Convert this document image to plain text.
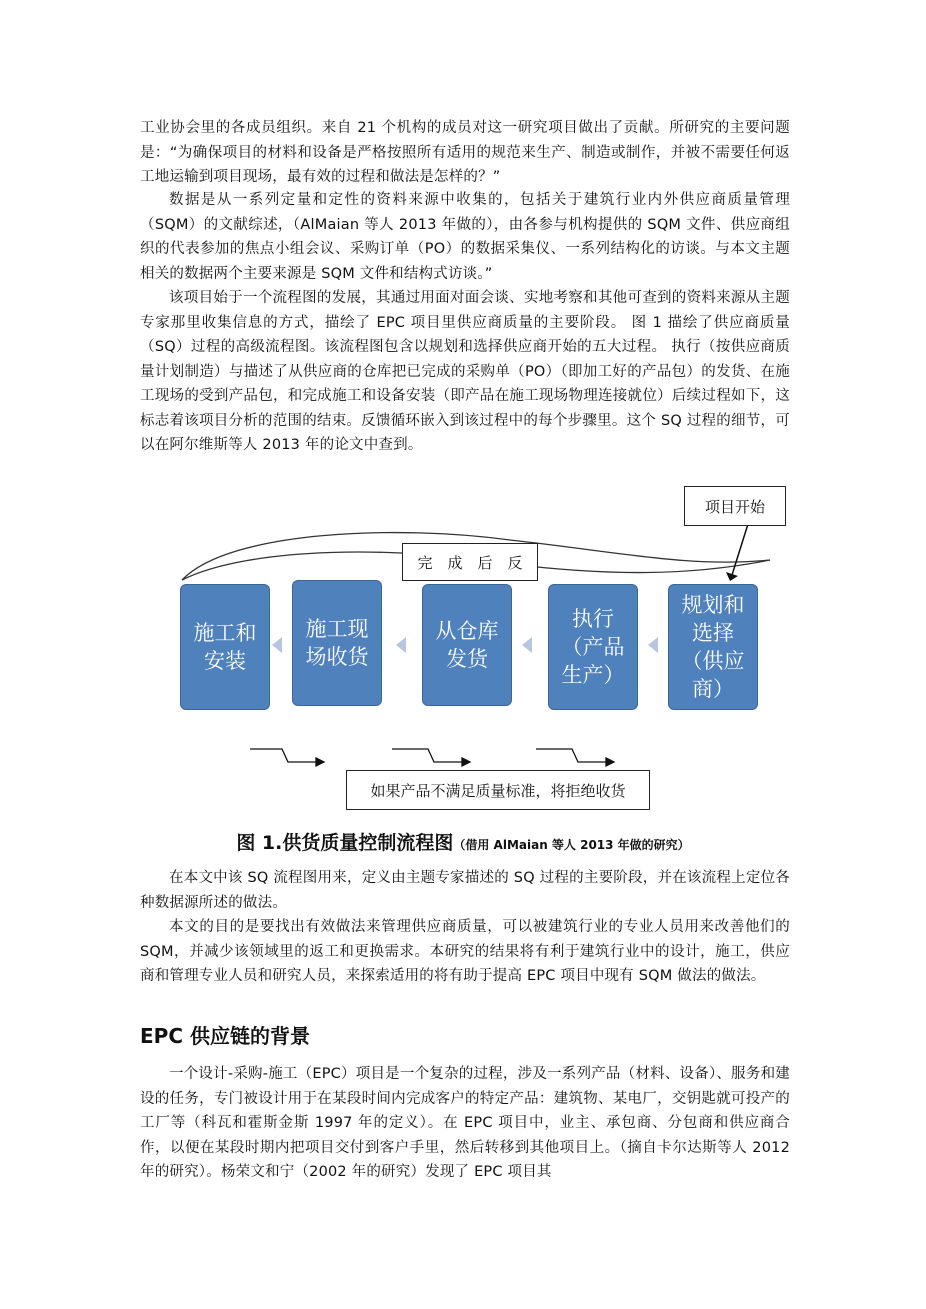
工业协会里的各成员组织。来自 21 个机构的成员对这一研究项目做出了贡献。所研究的主要问题是：“为确保项目的材料和设备是严格按照所有适用的规范来生产、制造或制作，并被不需要任何返工地运输到项目现场，最有效的过程和做法是怎样的？”

数据是从一系列定量和定性的资料来源中收集的，包括关于建筑行业内外供应商质量管理（SQM）的文献综述，（AlMaian 等人 2013 年做的），由各参与机构提供的 SQM 文件、供应商组织的代表参加的焦点小组会议、采购订单（PO）的数据采集仪、一系列结构化的访谈。与本文主题相关的数据两个主要来源是 SQM 文件和结构式访谈。”

该项目始于一个流程图的发展，其通过用面对面会谈、实地考察和其他可查到的资料来源从主题专家那里收集信息的方式，描绘了 EPC 项目里供应商质量的主要阶段。 图 1 描绘了供应商质量（SQ）过程的高级流程图。该流程图包含以规划和选择供应商开始的五大过程。 执行（按供应商质量计划制造）与描述了从供应商的仓库把已完成的采购单（PO）（即加工好的产品包）的发货、在施工现场的受到产品包，和完成施工和设备安装（即产品在施工现场物理连接就位）后续过程如下，这标志着该项目分析的范围的结束。反馈循环嵌入到该过程中的每个步骤里。这个 SQ 过程的细节，可以在阿尔维斯等人 2013 年的论文中查到。

项目开始
完　成　后　反
施工和
安装
施工现
场收货
从仓库
发货
执行
（产品
生产）
规划和
选择
（供应
商）
如果产品不满足质量标准，将拒绝收货
图 1.供货质量控制流程图（借用 AlMaian 等人 2013 年做的研究）

在本文中该 SQ 流程图用来，定义由主题专家描述的 SQ 过程的主要阶段，并在该流程上定位各种数据源所述的做法。

本文的目的是要找出有效做法来管理供应商质量，可以被建筑行业的专业人员用来改善他们的 SQM，并减少该领域里的返工和更换需求。本研究的结果将有利于建筑行业中的设计，施工，供应商和管理专业人员和研究人员，来探索适用的将有助于提高 EPC 项目中现有 SQM 做法的做法。

EPC 供应链的背景

一个设计-采购-施工（EPC）项目是一个复杂的过程，涉及一系列产品（材料、设备）、服务和建设的任务，专门被设计用于在某段时间内完成客户的特定产品：建筑物、某电厂，交钥匙就可投产的工厂等（科瓦和霍斯金斯 1997 年的定义）。在 EPC 项目中，业主、承包商、分包商和供应商合作，以便在某段时期内把项目交付到客户手里，然后转移到其他项目上。（摘自卡尔达斯等人 2012 年的研究）。杨荣文和宁（2002 年的研究）发现了 EPC 项目其
